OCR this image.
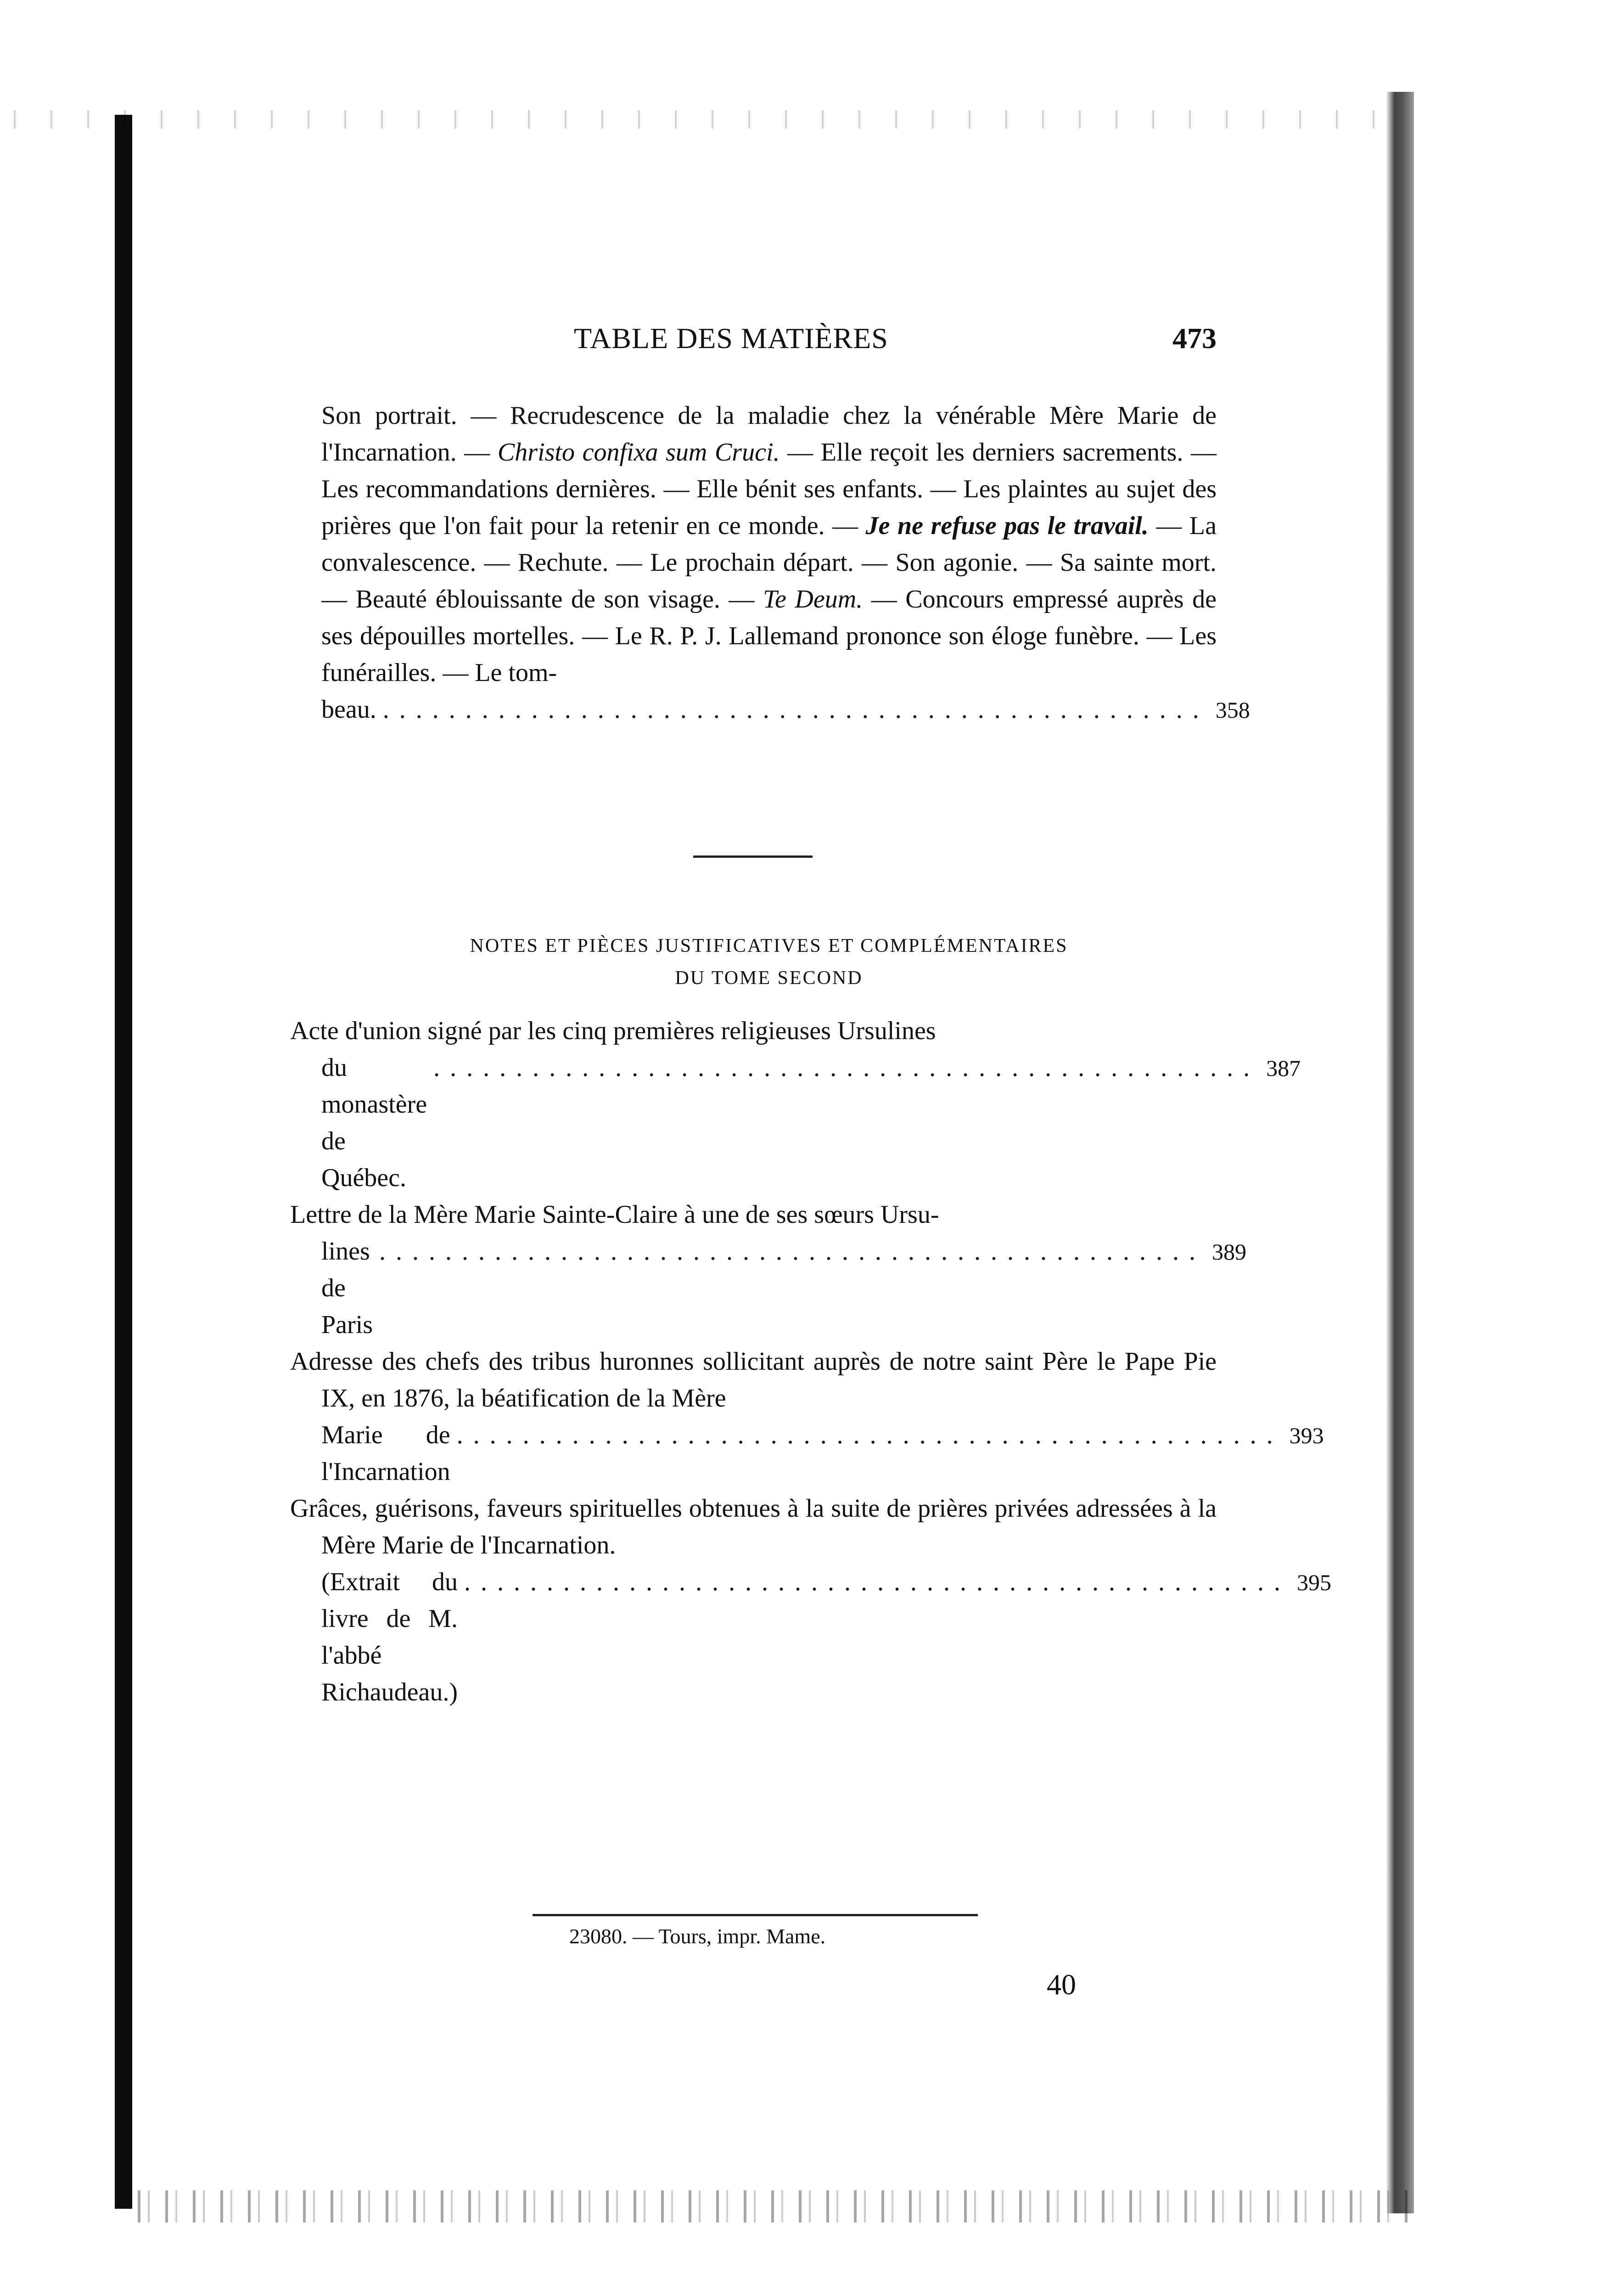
TABLE DES MATIÈRES	473
Son portrait. — Recrudescence de la maladie chez la vénérable Mère Marie de l'Incarnation. — Christo confixa sum Cruci. — Elle reçoit les derniers sacrements. — Les recommandations dernières. — Elle bénit ses enfants. — Les plaintes au sujet des prières que l'on fait pour la retenir en ce monde. — Je ne refuse pas le travail. — La convalescence. — Rechute. — Le prochain départ. — Son agonie. — Sa sainte mort. — Beauté éblouissante de son visage. — Te Deum. — Concours empressé auprès de ses dépouilles mortelles. — Le R. P. J. Lallemand prononce son éloge funèbre. — Les funérailles. — Le tom-
beau. .................................................. 358
NOTES ET PIÈCES JUSTIFICATIVES ET COMPLÉMENTAIRES
DU TOME SECOND
Acte d'union signé par les cinq premières religieuses Ursulines
du monastère de Québec.
.................................................. 387
Lettre de la Mère Marie Sainte-Claire à une de ses sœurs Ursu-
lines de Paris
.................................................. 389
Adresse des chefs des tribus huronnes sollicitant auprès de notre saint Père le Pape Pie IX, en 1876, la béatification de la Mère
Marie de l'Incarnation
.................................................. 393
Grâces, guérisons, faveurs spirituelles obtenues à la suite de prières privées adressées à la Mère Marie de l'Incarnation.
(Extrait du livre de M. l'abbé Richaudeau.)
.................................................. 395
23080. — Tours, impr. Mame.
40
